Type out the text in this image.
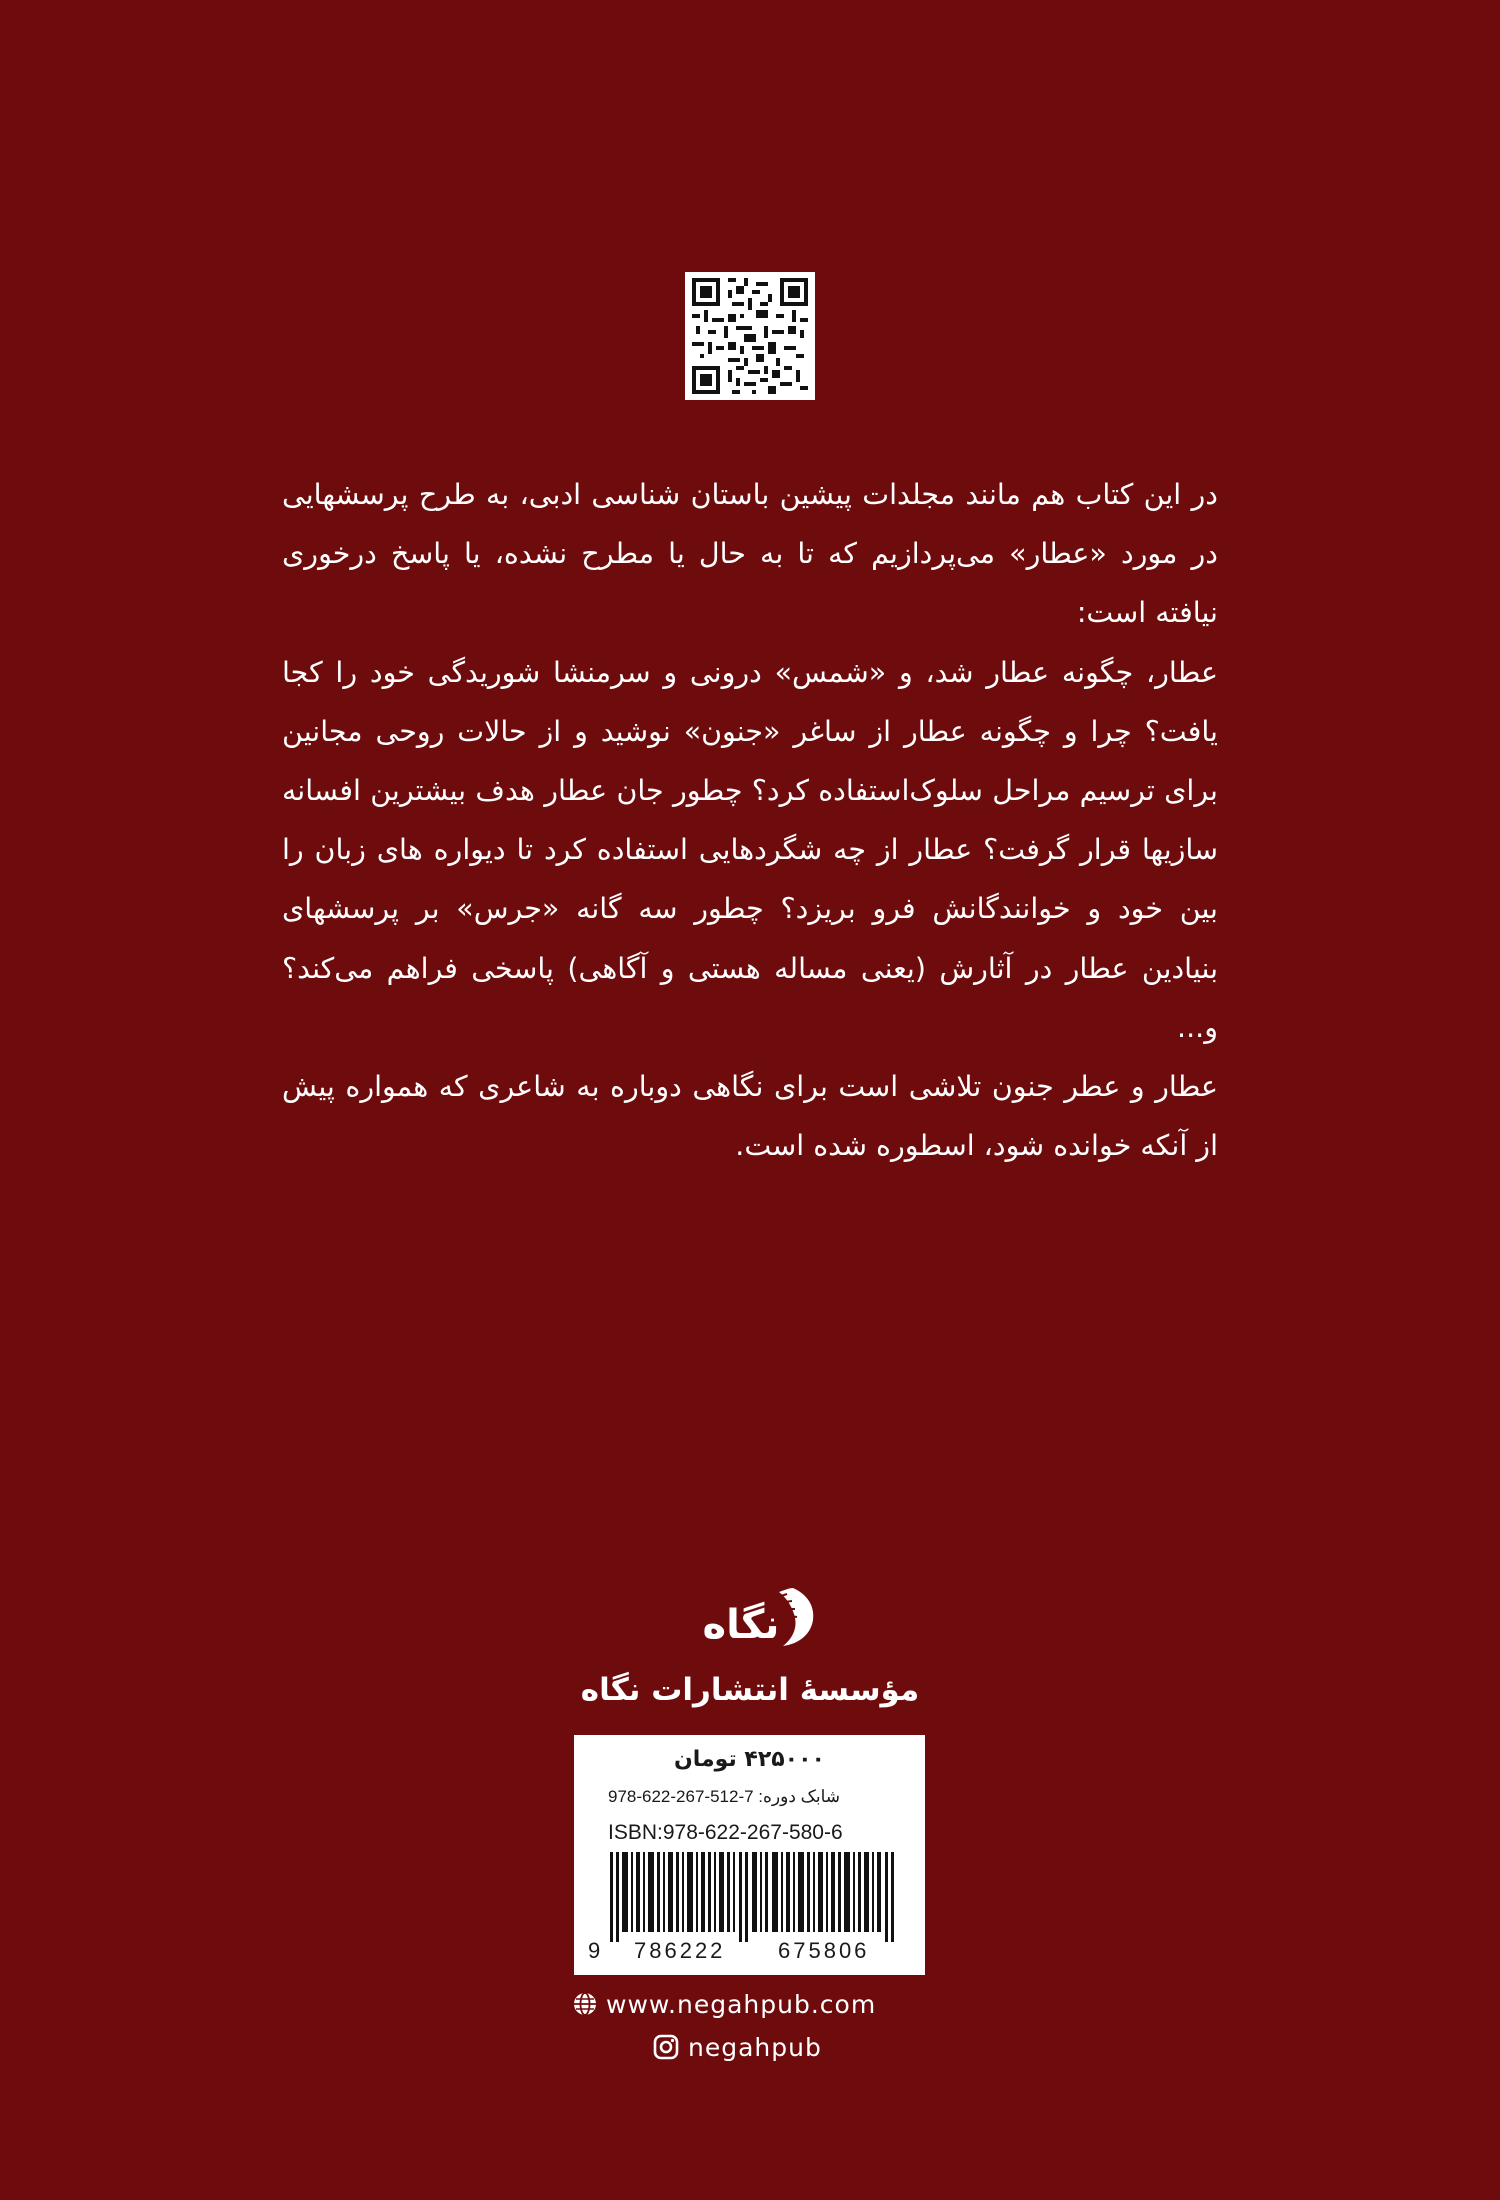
در این کتاب هم مانند مجلدات پیشین باستان شناسی ادبی، به طرح پرسشهایی در مورد «عطار» می‌پردازیم که تا به حال یا مطرح نشده، یا پاسخ درخوری نیافته است:

عطار، چگونه عطار شد، و «شمس» درونی و سرمنشا شوریدگی خود را کجا یافت؟ چرا و چگونه عطار از ساغر «جنون» نوشید و از حالات روحی مجانین برای ترسیم مراحل سلوک‌استفاده کرد؟ چطور جان عطار هدف بیشترین افسانه سازیها قرار گرفت؟ عطار از چه شگردهایی استفاده کرد تا دیواره های زبان را بین خود و خوانندگانش فرو بریزد؟ چطور سه گانه «جرس» بر پرسشهای بنیادین عطار در آثارش (یعنی مساله هستی و آگاهی) پاسخی فراهم می‌کند؟ و...

عطار و عطر جنون تلاشی است برای نگاهی دوباره به شاعری که همواره پیش از آنکه خوانده شود، اسطوره شده است.

نگاه
مؤسسهٔ انتشارات نگاه
۴۲۵۰۰۰ تومان
شابک دوره: 978-622-267-512-7
ISBN:978-622-267-580-6
9 786222 675806
www.negahpub.com
negahpub
